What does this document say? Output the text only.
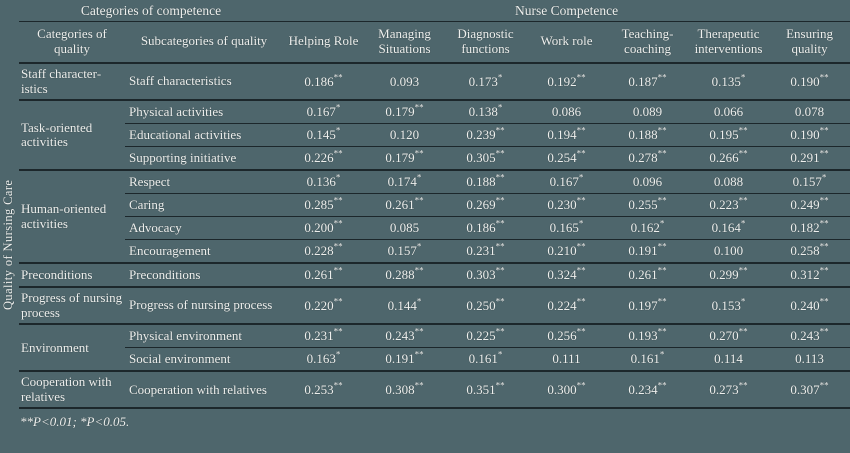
Quality of Nursing Care
Categories of competence		Nurse Competence						
Categories of quality	Subcategories of quality	Helping Role	Managing Situations	Diagnostic functions	Work role	Teaching-coaching	Therapeutic interventions	Ensuring quality
Staff characteristics	Staff characteristics	0.186**	0.093	0.173*	0.192**	0.187**	0.135*	0.190**
Task-oriented activities	Physical activities	0.167*	0.179**	0.138*	0.086	0.089	0.066	0.078
	Educational activities	0.145*	0.120	0.239**	0.194**	0.188**	0.195**	0.190**
	Supporting initiative	0.226**	0.179**	0.305**	0.254**	0.278**	0.266**	0.291**
Human-oriented activities	Respect	0.136*	0.174*	0.188**	0.167*	0.096	0.088	0.157*
	Caring	0.285**	0.261**	0.269**	0.230**	0.255**	0.223**	0.249**
	Advocacy	0.200**	0.085	0.186**	0.165*	0.162*	0.164*	0.182**
	Encouragement	0.228**	0.157*	0.231**	0.210**	0.191**	0.100	0.258**
Preconditions	Preconditions	0.261**	0.288**	0.303**	0.324**	0.261**	0.299**	0.312**
Progress of nursing process	Progress of nursing process	0.220**	0.144*	0.250**	0.224**	0.197**	0.153*	0.240**
Environment	Physical environment	0.231**	0.243**	0.225**	0.256**	0.193**	0.270**	0.243**
	Social environment	0.163*	0.191**	0.161*	0.111	0.161*	0.114	0.113
Cooperation with relatives	Cooperation with relatives	0.253**	0.308**	0.351**	0.300**	0.234**	0.273**	0.307**
**P<0.01; *P<0.05.
